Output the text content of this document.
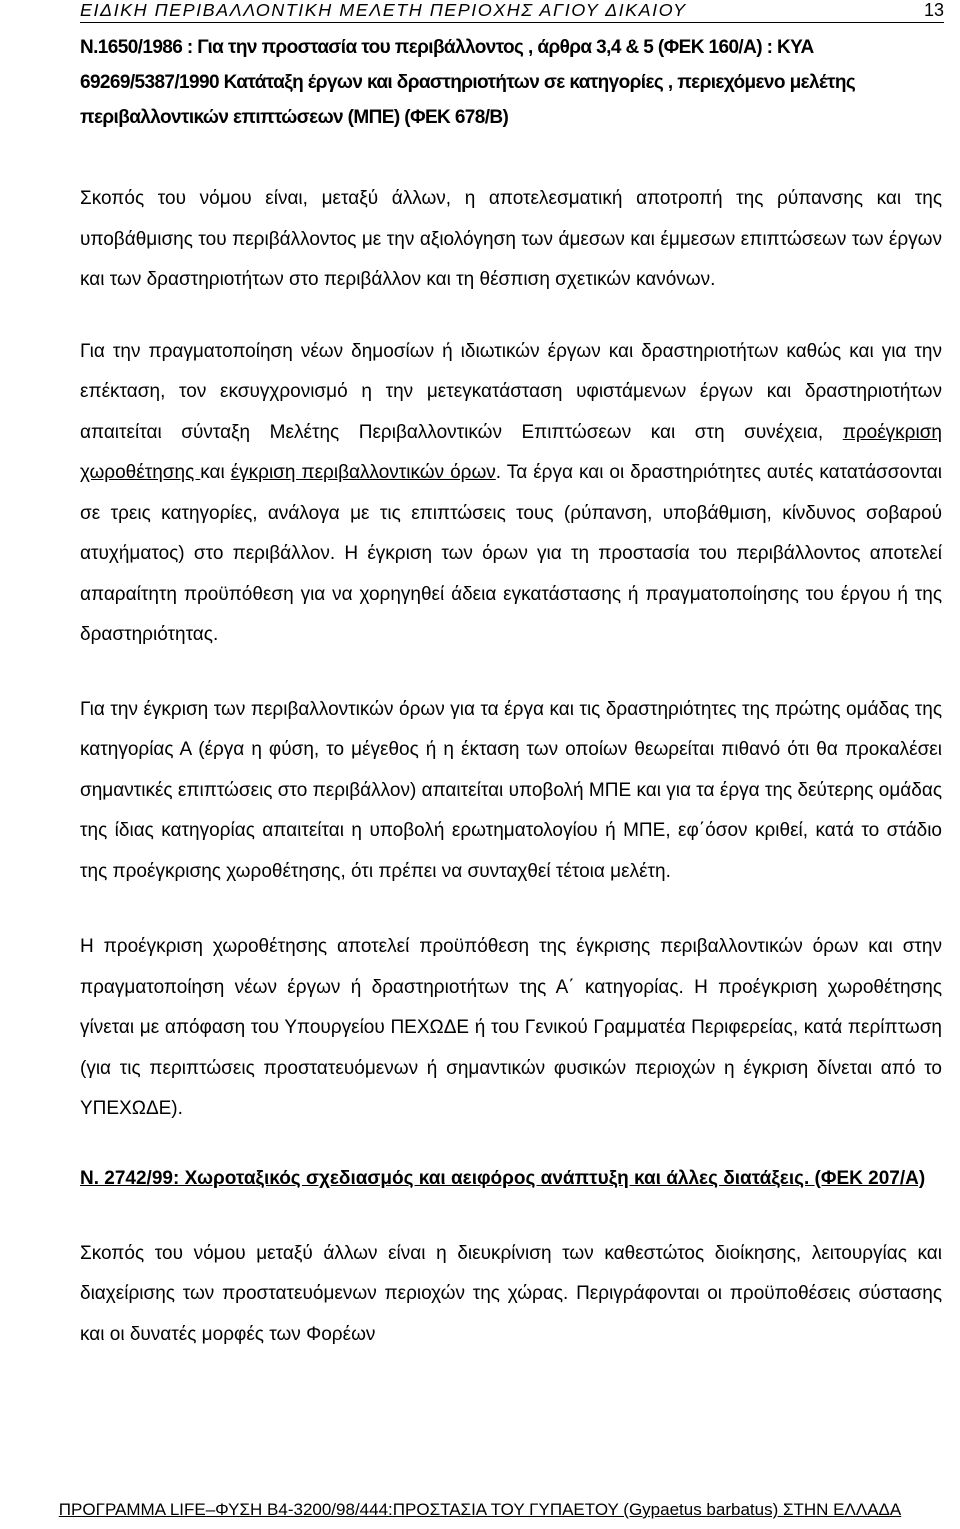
ΕΙΔΙΚΗ ΠΕΡΙΒΑΛΛΟΝΤΙΚΗ ΜΕΛΕΤΗ ΠΕΡΙΟΧΗΣ ΑΓΙΟΥ ΔΙΚΑΙΟΥ	13
Ν.1650/1986 : Για την προστασία του περιβάλλοντος , άρθρα 3,4 & 5 (ΦΕΚ 160/Α) : ΚΥΑ 69269/5387/1990 Κατάταξη έργων και δραστηριοτήτων σε κατηγορίες , περιεχόμενο μελέτης περιβαλλοντικών επιπτώσεων (ΜΠΕ) (ΦΕΚ 678/Β)

Σκοπός του νόμου είναι, μεταξύ άλλων, η αποτελεσματική αποτροπή της ρύπανσης και της υποβάθμισης του περιβάλλοντος με την αξιολόγηση των άμεσων και έμμεσων επιπτώσεων των έργων και των δραστηριοτήτων στο περιβάλλον και τη θέσπιση σχετικών κανόνων.

Για την πραγματοποίηση νέων δημοσίων ή ιδιωτικών έργων και δραστηριοτήτων καθώς και για την επέκταση, τον εκσυγχρονισμό η την μετεγκατάσταση υφιστάμενων έργων και δραστηριοτήτων απαιτείται σύνταξη Μελέτης Περιβαλλοντικών Επιπτώσεων και στη συνέχεια, προέγκριση χωροθέτησης και έγκριση περιβαλλοντικών όρων. Τα έργα και οι δραστηριότητες αυτές κατατάσσονται σε τρεις κατηγορίες, ανάλογα με τις επιπτώσεις τους (ρύπανση, υποβάθμιση, κίνδυνος σοβαρού ατυχήματος) στο περιβάλλον. Η έγκριση των όρων για τη προστασία του περιβάλλοντος αποτελεί απαραίτητη προϋπόθεση για να χορηγηθεί άδεια εγκατάστασης ή πραγματοποίησης του έργου ή της δραστηριότητας.

Για την έγκριση των περιβαλλοντικών όρων για τα έργα και τις δραστηριότητες της πρώτης ομάδας της κατηγορίας Α (έργα η φύση, το μέγεθος ή η έκταση των οποίων θεωρείται πιθανό ότι θα προκαλέσει σημαντικές επιπτώσεις στο περιβάλλον) απαιτείται υποβολή ΜΠΕ και για τα έργα της δεύτερης ομάδας της ίδιας κατηγορίας απαιτείται η υποβολή ερωτηματολογίου ή ΜΠΕ, εφ΄όσον κριθεί, κατά το στάδιο της προέγκρισης χωροθέτησης, ότι πρέπει να συνταχθεί τέτοια μελέτη.

Η προέγκριση χωροθέτησης αποτελεί προϋπόθεση της έγκρισης περιβαλλοντικών όρων και στην πραγματοποίηση νέων έργων ή δραστηριοτήτων της Α΄ κατηγορίας. Η προέγκριση χωροθέτησης γίνεται με απόφαση του Υπουργείου ΠΕΧΩΔΕ ή του Γενικού Γραμματέα Περιφερείας, κατά περίπτωση (για τις περιπτώσεις προστατευόμενων ή σημαντικών φυσικών περιοχών η έγκριση δίνεται από το ΥΠΕΧΩΔΕ).

Ν. 2742/99: Χωροταξικός σχεδιασμός και αειφόρος ανάπτυξη και άλλες διατάξεις. (ΦΕΚ 207/Α)

Σκοπός του νόμου μεταξύ άλλων είναι η διευκρίνιση των καθεστώτος διοίκησης, λειτουργίας και διαχείρισης των προστατευόμενων περιοχών της χώρας. Περιγράφονται οι προϋποθέσεις σύστασης και οι δυνατές μορφές των Φορέων

ΠΡΟΓΡΑΜΜΑ LIFE–ΦΥΣΗ Β4-3200/98/444:ΠΡΟΣΤΑΣΙΑ ΤΟΥ ΓΥΠΑΕΤΟΥ (Gypaetus barbatus) ΣΤΗΝ ΕΛΛΑΔΑ
